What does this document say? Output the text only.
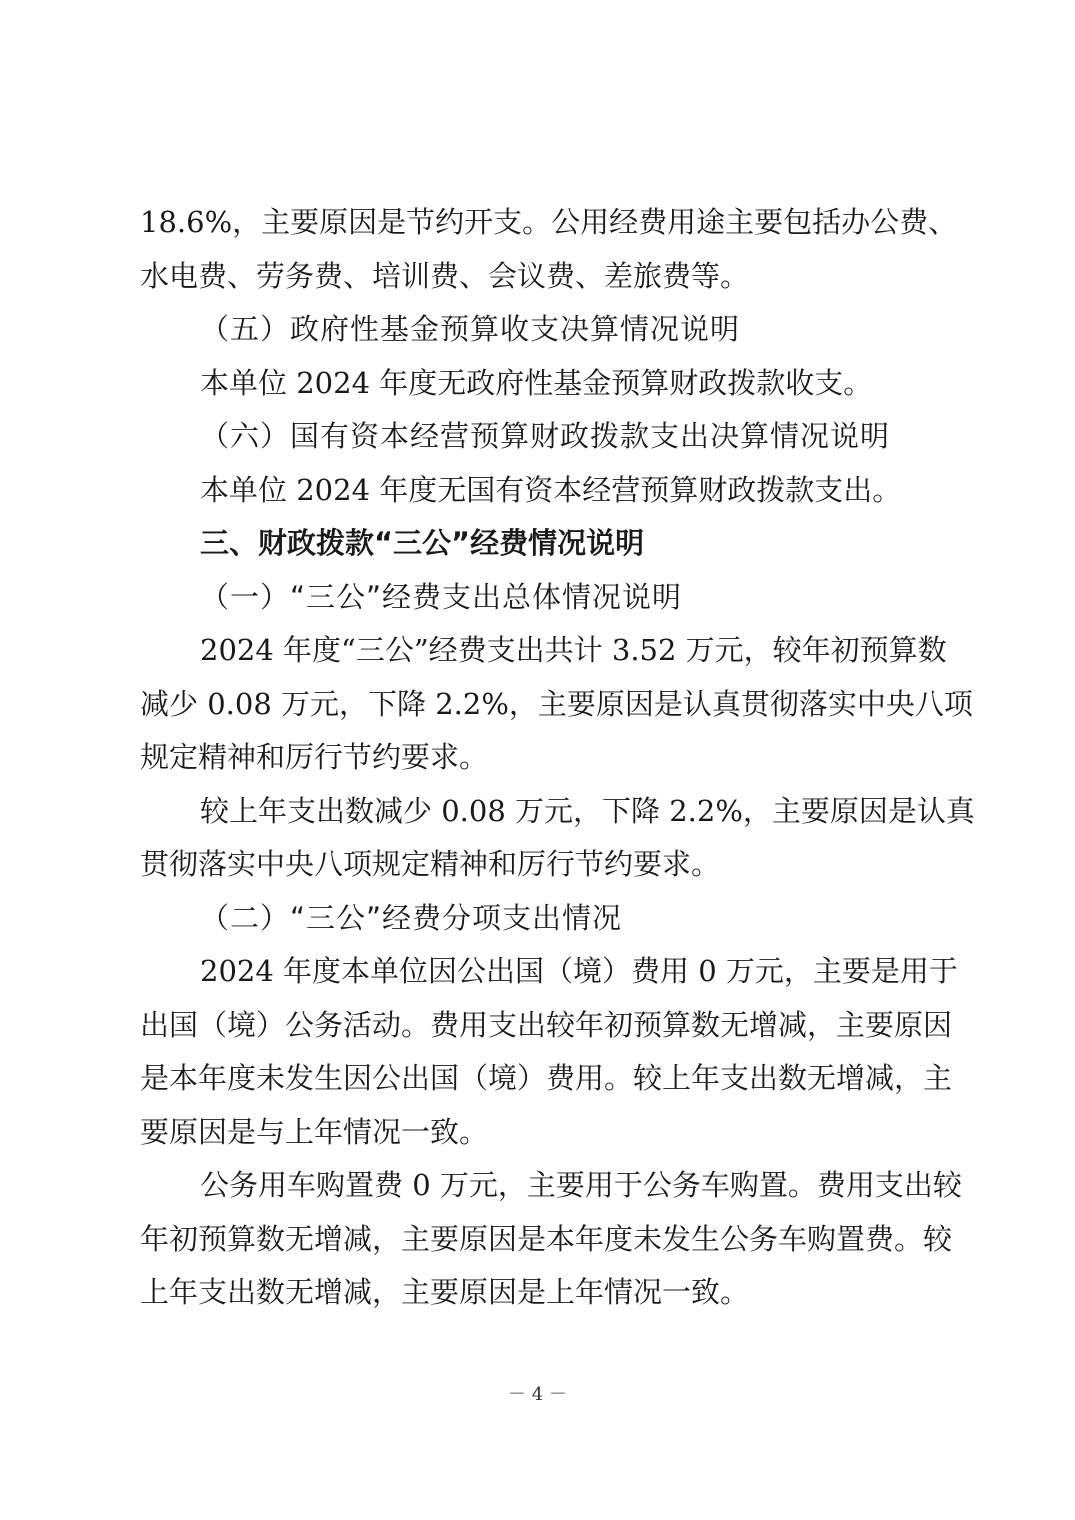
18.6%，主要原因是节约开支。公用经费用途主要包括办公费、
水电费、劳务费、培训费、会议费、差旅费等。
（五）政府性基金预算收支决算情况说明
本单位 2024 年度无政府性基金预算财政拨款收支。
（六）国有资本经营预算财政拨款支出决算情况说明
本单位 2024 年度无国有资本经营预算财政拨款支出。
三、财政拨款“三公”经费情况说明
（一）“三公”经费支出总体情况说明
2024 年度“三公”经费支出共计 3.52 万元，较年初预算数
减少 0.08 万元，下降 2.2%，主要原因是认真贯彻落实中央八项
规定精神和厉行节约要求。
较上年支出数减少 0.08 万元，下降 2.2%，主要原因是认真
贯彻落实中央八项规定精神和厉行节约要求。
（二）“三公”经费分项支出情况
2024 年度本单位因公出国（境）费用 0 万元，主要是用于
出国（境）公务活动。费用支出较年初预算数无增减，主要原因
是本年度未发生因公出国（境）费用。较上年支出数无增减，主
要原因是与上年情况一致。
公务用车购置费 0 万元，主要用于公务车购置。费用支出较
年初预算数无增减，主要原因是本年度未发生公务车购置费。较
上年支出数无增减，主要原因是上年情况一致。
－ 4 －
